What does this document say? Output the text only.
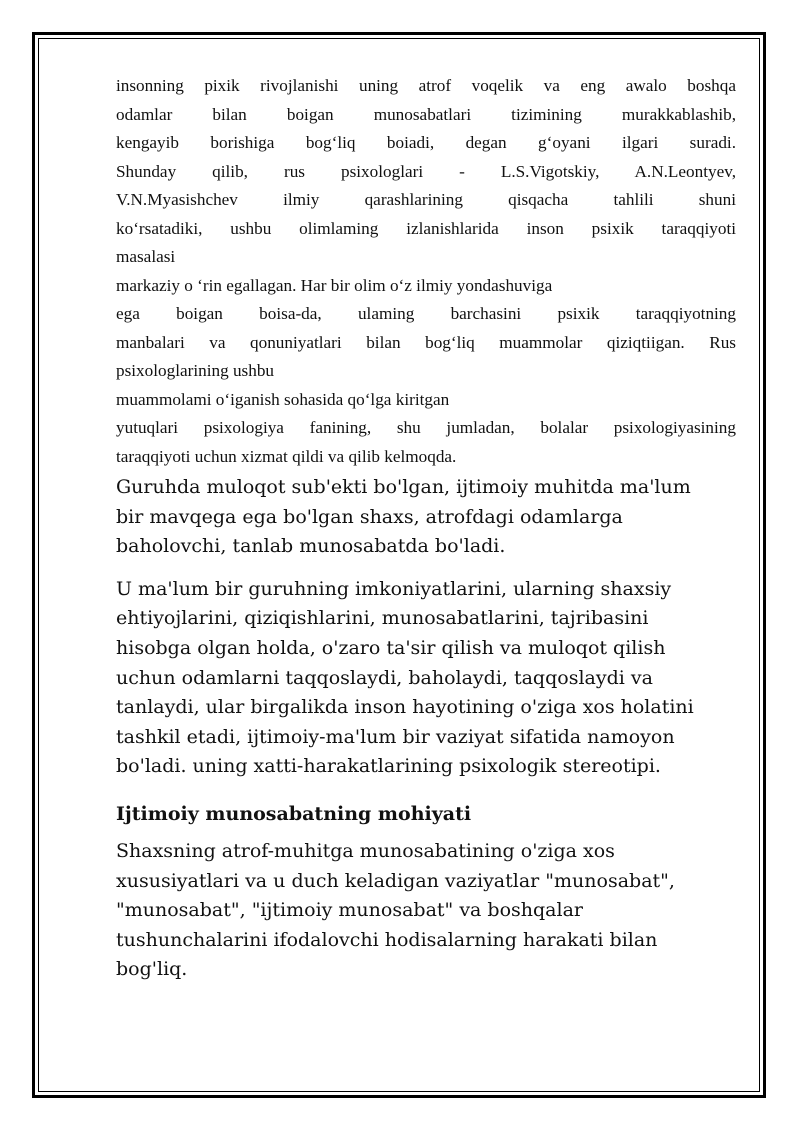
insonning pixik rivojlanishi uning atrof voqelik va eng awalo boshqa

odamlar bilan boigan munosabatlari tizimining murakkablashib,

kengayib borishiga bog‘liq boiadi, degan g‘oyani ilgari suradi.

Shunday qilib, rus psixologlari - L.S.Vigotskiy, A.N.Leontyev,

V.N.Myasishchev ilmiy qarashlarining qisqacha tahlili shuni

ko‘rsatadiki, ushbu olimlaming izlanishlarida inson psixik taraqqiyoti

masalasi

markaziy o ‘rin egallagan. Har bir olim o‘z ilmiy yondashuviga

ega boigan boisa-da, ulaming barchasini psixik taraqqiyotning

manbalari va qonuniyatlari bilan bog‘liq muammolar qiziqtiigan. Rus

psixologlarining ushbu

muammolami o‘iganish sohasida qo‘lga kiritgan

yutuqlari psixologiya fanining, shu jumladan, bolalar psixologiyasining

taraqqiyoti uchun xizmat qildi va qilib kelmoqda.

Guruhda muloqot sub'ekti bo'lgan, ijtimoiy muhitda ma'lum
bir mavqega ega bo'lgan shaxs, atrofdagi odamlarga
baholovchi, tanlab munosabatda bo'ladi.

U ma'lum bir guruhning imkoniyatlarini, ularning shaxsiy
ehtiyojlarini, qiziqishlarini, munosabatlarini, tajribasini
hisobga olgan holda, o'zaro ta'sir qilish va muloqot qilish
uchun odamlarni taqqoslaydi, baholaydi, taqqoslaydi va
tanlaydi, ular birgalikda inson hayotining o'ziga xos holatini
tashkil etadi, ijtimoiy-ma'lum bir vaziyat sifatida namoyon
bo'ladi. uning xatti-harakatlarining psixologik stereotipi.

Ijtimoiy munosabatning mohiyati

Shaxsning atrof-muhitga munosabatining o'ziga xos
xususiyatlari va u duch keladigan vaziyatlar "munosabat",
"munosabat", "ijtimoiy munosabat" va boshqalar
tushunchalarini ifodalovchi hodisalarning harakati bilan
bog'liq.
